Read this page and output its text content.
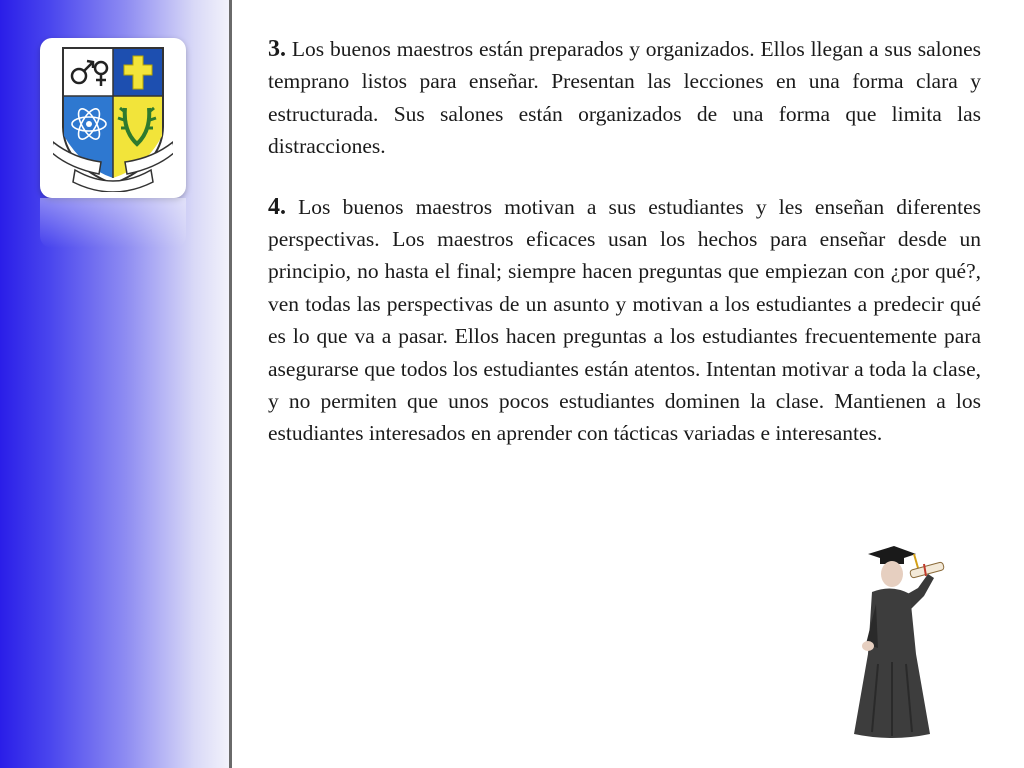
3. Los buenos maestros están preparados y organizados. Ellos llegan a sus salones temprano listos para enseñar. Presentan las lecciones en una forma clara y estructurada. Sus salones están organizados de una forma que limita las distracciones.

4. Los buenos maestros motivan a sus estudiantes y les enseñan diferentes perspectivas. Los maestros eficaces usan los hechos para enseñar desde un principio, no hasta el final; siempre hacen preguntas que empiezan con ¿por qué?, ven todas las perspectivas de un asunto y motivan a los estudiantes a predecir qué es lo que va a pasar. Ellos hacen preguntas a los estudiantes frecuentemente para asegurarse que todos los estudiantes están atentos. Intentan motivar a toda la clase, y no permiten que unos pocos estudiantes dominen la clase. Mantienen a los estudiantes interesados en aprender con tácticas variadas e interesantes.
